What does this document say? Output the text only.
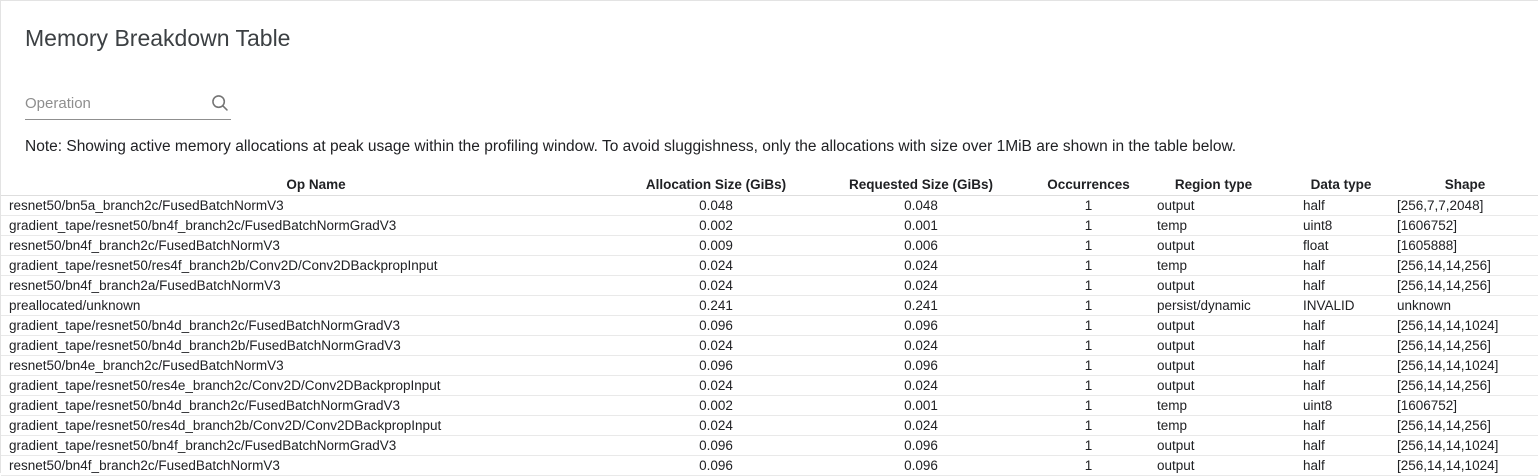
Memory Breakdown Table
Operation
Note: Showing active memory allocations at peak usage within the profiling window. To avoid sluggishness, only the allocations with size over 1MiB are shown in the table below.
Op Name	Allocation Size (GiBs)	Requested Size (GiBs)	Occurrences	Region type	Data type	Shape
resnet50/bn5a_branch2c/FusedBatchNormV3	0.048	0.048	1	output	half	[256,7,7,2048]
gradient_tape/resnet50/bn4f_branch2c/FusedBatchNormGradV3	0.002	0.001	1	temp	uint8	[1606752]
resnet50/bn4f_branch2c/FusedBatchNormV3	0.009	0.006	1	output	float	[1605888]
gradient_tape/resnet50/res4f_branch2b/Conv2D/Conv2DBackpropInput	0.024	0.024	1	temp	half	[256,14,14,256]
resnet50/bn4f_branch2a/FusedBatchNormV3	0.024	0.024	1	output	half	[256,14,14,256]
preallocated/unknown	0.241	0.241	1	persist/dynamic	INVALID	unknown
gradient_tape/resnet50/bn4d_branch2c/FusedBatchNormGradV3	0.096	0.096	1	output	half	[256,14,14,1024]
gradient_tape/resnet50/bn4d_branch2b/FusedBatchNormGradV3	0.024	0.024	1	output	half	[256,14,14,256]
resnet50/bn4e_branch2c/FusedBatchNormV3	0.096	0.096	1	output	half	[256,14,14,1024]
gradient_tape/resnet50/res4e_branch2c/Conv2D/Conv2DBackpropInput	0.024	0.024	1	output	half	[256,14,14,256]
gradient_tape/resnet50/bn4d_branch2c/FusedBatchNormGradV3	0.002	0.001	1	temp	uint8	[1606752]
gradient_tape/resnet50/res4d_branch2b/Conv2D/Conv2DBackpropInput	0.024	0.024	1	temp	half	[256,14,14,256]
gradient_tape/resnet50/bn4f_branch2c/FusedBatchNormGradV3	0.096	0.096	1	output	half	[256,14,14,1024]
resnet50/bn4f_branch2c/FusedBatchNormV3	0.096	0.096	1	output	half	[256,14,14,1024]
